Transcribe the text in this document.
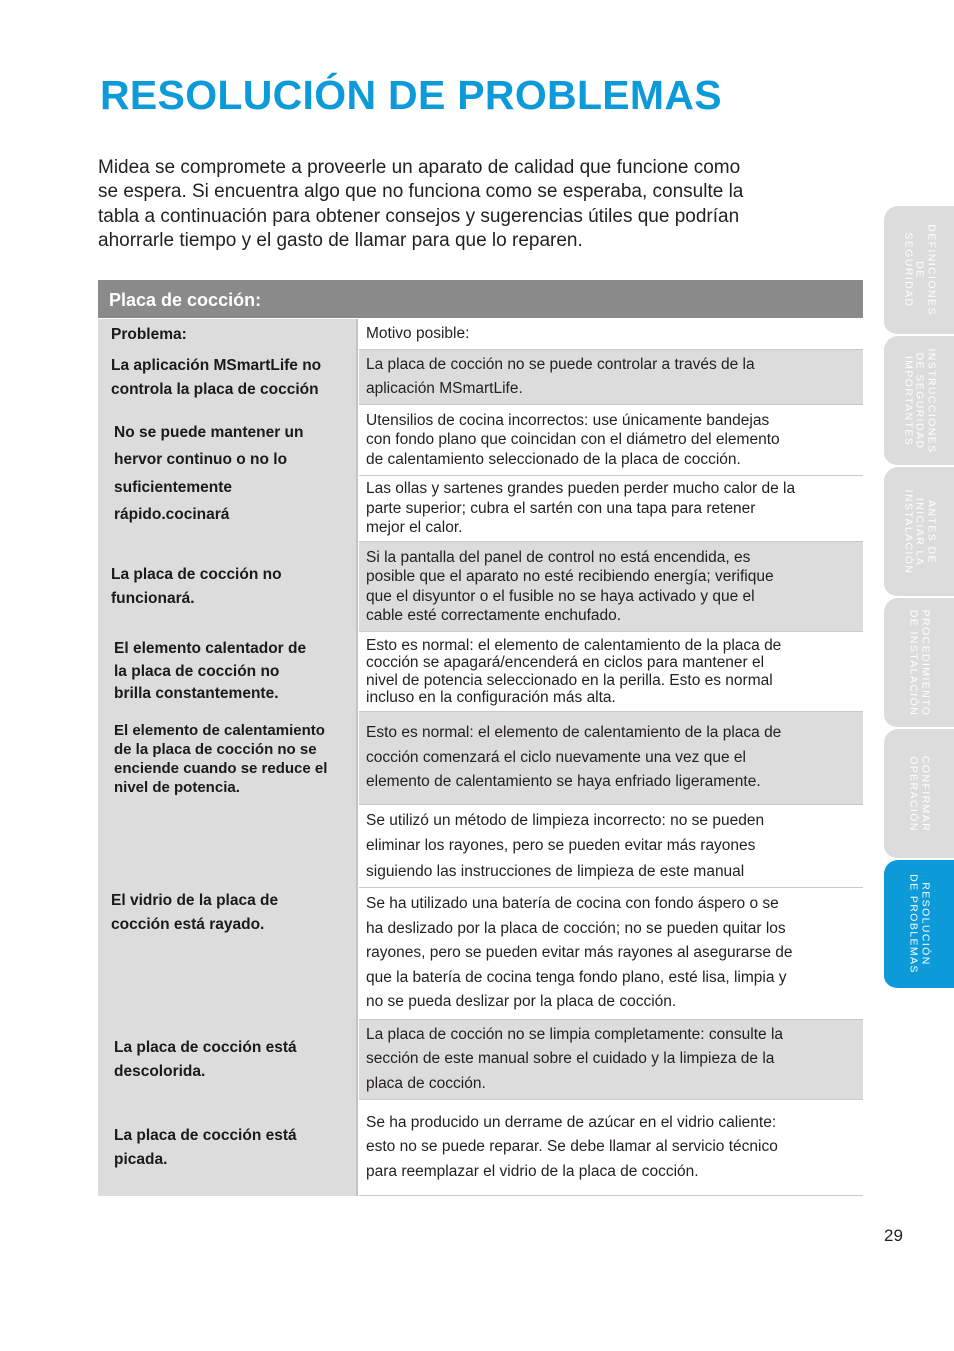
RESOLUCIÓN DE PROBLEMAS
Midea se compromete a proveerle un aparato de calidad que funcione como
se espera. Si encuentra algo que no funciona como se esperaba, consulte la
tabla a continuación para obtener consejos y sugerencias útiles que podrían
ahorrarle tiempo y el gasto de llamar para que lo reparen.
Placa de cocción:
Problema:	Motivo posible:
La aplicación MSmartLife no
controla la placa de cocción
La placa de cocción no se puede controlar a través de la
aplicación MSmartLife.
No se puede mantener un
hervor continuo o no lo
suficientemente
rápido.cocinará
Utensilios de cocina incorrectos: use únicamente bandejas
con fondo plano que coincidan con el diámetro del elemento
de calentamiento seleccionado de la placa de cocción.
Las ollas y sartenes grandes pueden perder mucho calor de la
parte superior; cubra el sartén con una tapa para retener
mejor el calor.
La placa de cocción no
funcionará.
Si la pantalla del panel de control no está encendida, es
posible que el aparato no esté recibiendo energía; verifique
que el disyuntor o el fusible no se haya activado y que el
cable esté correctamente enchufado.
El elemento calentador de
la placa de cocción no
brilla constantemente.
Esto es normal: el elemento de calentamiento de la placa de
cocción se apagará/encenderá en ciclos para mantener el
nivel de potencia seleccionado en la perilla. Esto es normal
incluso en la configuración más alta.
El elemento de calentamiento
de la placa de cocción no se
enciende cuando se reduce el
nivel de potencia.
Esto es normal: el elemento de calentamiento de la placa de
cocción comenzará el ciclo nuevamente una vez que el
elemento de calentamiento se haya enfriado ligeramente.
El vidrio de la placa de
cocción está rayado.
Se utilizó un método de limpieza incorrecto: no se pueden
eliminar los rayones, pero se pueden evitar más rayones
siguiendo las instrucciones de limpieza de este manual
Se ha utilizado una batería de cocina con fondo áspero o se
ha deslizado por la placa de cocción; no se pueden quitar los
rayones, pero se pueden evitar más rayones al asegurarse de
que la batería de cocina tenga fondo plano, esté lisa, limpia y
no se pueda deslizar por la placa de cocción.
La placa de cocción está
descolorida.
La placa de cocción no se limpia completamente: consulte la
sección de este manual sobre el cuidado y la limpieza de la
placa de cocción.
La placa de cocción está
picada.
Se ha producido un derrame de azúcar en el vidrio caliente:
esto no se puede reparar. Se debe llamar al servicio técnico
para reemplazar el vidrio de la placa de cocción.
DEFINICIONES
DE
SEGURIDAD
INSTRUCCIONES
DE SEGURIDAD
IMPORTANTES
ANTES DE
INICIAR LA
INSTALACIÓN
PROCEDIMIENTO
DE INSTALACIÓN
CONFIRMAR
OPERACIÓN
RESOLUCIÓN
DE PROBLEMAS
29
